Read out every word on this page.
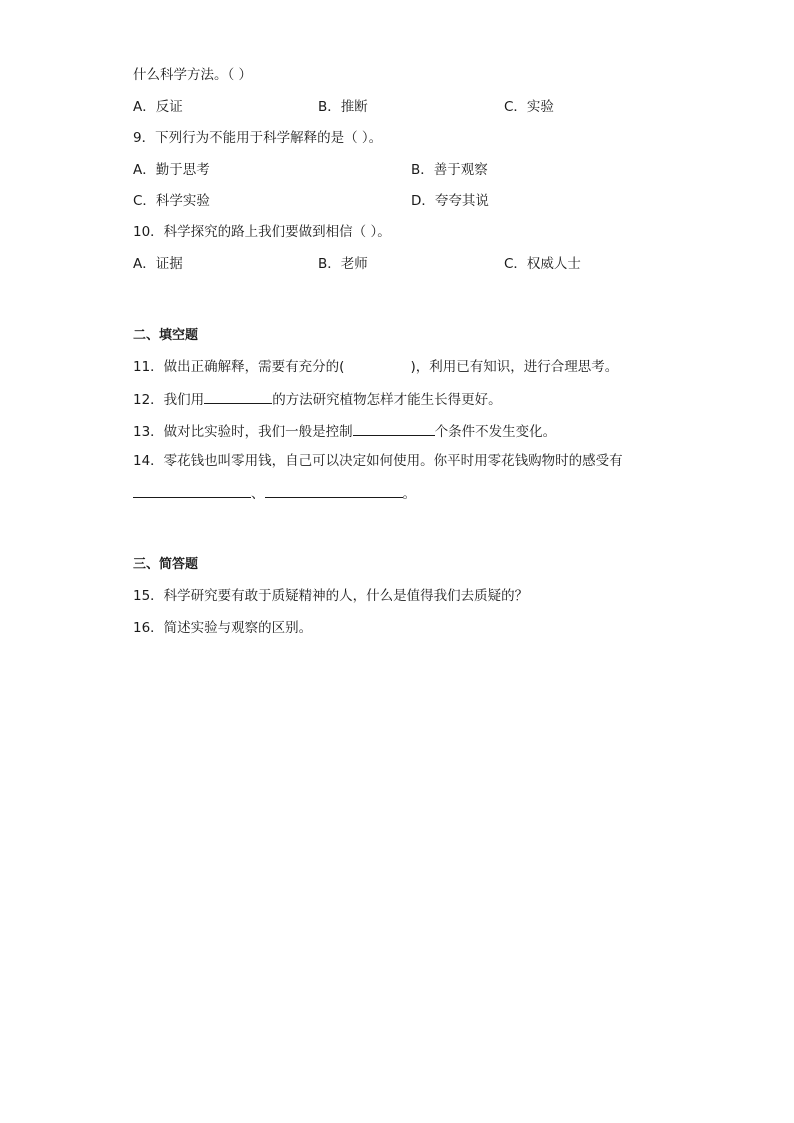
什么科学方法。（ ）
A．反证	B．推断	C．实验
9．下列行为不能用于科学解释的是（ ）。
A．勤于思考	B．善于观察
C．科学实验	D．夸夸其说
10．科学探究的路上我们要做到相信（ ）。
A．证据	B．老师	C．权威人士
二、填空题
11．做出正确解释，需要有充分的(	)，利用已有知识，进行合理思考。
12．我们用	的方法研究植物怎样才能生长得更好。
13．做对比实验时，我们一般是控制	个条件不发生变化。
14．零花钱也叫零用钱，自己可以决定如何使用。你平时用零花钱购物时的感受有
、	。
三、简答题
15．科学研究要有敢于质疑精神的人，什么是值得我们去质疑的？
16．简述实验与观察的区别。
